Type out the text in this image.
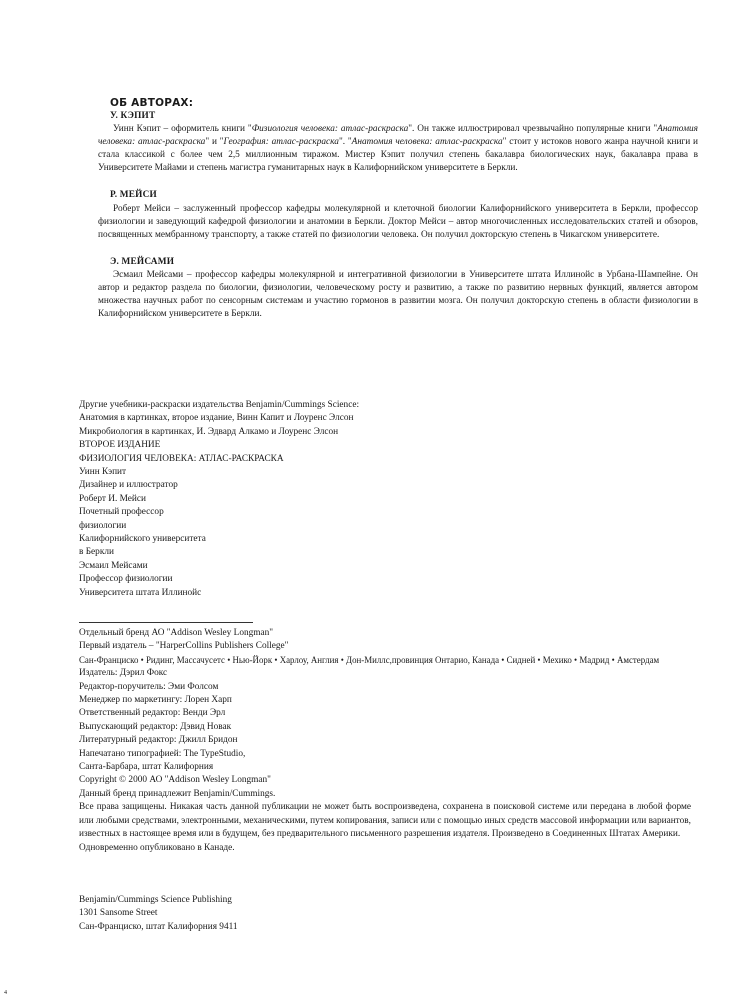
ОБ АВТОРАХ:
У. КЭПИТ

Уинн Кэпит – оформитель книги "Физиология человека: атлас-раскраска". Он также иллюстрировал чрезвычайно популярные книги "Анатомия человека: атлас-раскраска" и "География: атлас-раскраска". "Анатомия человека: атлас-раскраска" стоит у истоков нового жанра научной книги и стала классикой с более чем 2,5 миллионным тиражом. Мистер Кэпит получил степень бакалавра биологических наук, бакалавра права в Университете Майами и степень магистра гуманитарных наук в Калифорнийском университете в Беркли.

Р. МЕЙСИ

Роберт Мейси – заслуженный профессор кафедры молекулярной и клеточной биологии Калифорнийского университета в Беркли, профессор физиологии и заведующий кафедрой физиологии и анатомии в Беркли. Доктор Мейси – автор многочисленных исследовательских статей и обзоров, посвященных мембранному транспорту, а также статей по физиологии человека. Он получил докторскую степень в Чикагском университете.

Э. МЕЙСАМИ

Эсмаил Мейсами – профессор кафедры молекулярной и интегративной физиологии в Университете штата Иллинойс в Урбана-Шампейне. Он автор и редактор раздела по биологии, физиологии, человеческому росту и развитию, а также по развитию нервных функций, является автором множества научных работ по сенсорным системам и участию гормонов в развитии мозга. Он получил докторскую степень в области физиологии в Калифорнийском университете в Беркли.

Другие учебники-раскраски издательства Benjamin/Cummings Science:
Анатомия в картинках, второе издание, Винн Капит и Лоуренс Элсон
Микробиология в картинках, И. Эдвард Алкамо и Лоуренс Элсон
ВТОРОЕ ИЗДАНИЕ
ФИЗИОЛОГИЯ ЧЕЛОВЕКА: АТЛАС-РАСКРАСКА
Уинн Кэпит
Дизайнер и иллюстратор
Роберт И. Мейси
Почетный профессор
физиологии
Калифорнийского университета
в Беркли
Эсмаил Мейсами
Профессор физиологии
Университета штата Иллинойс
Отдельный бренд АО "Addison Wesley Longman"
Первый издатель – "HarperCollins Publishers College"
Сан-Франциско • Ридинг, Массачусетс • Нью-Йорк • Харлоу, Англия • Дон-Миллс,провинция Онтарио, Канада • Сидней • Мехико • Мадрид • Амстердам
Издатель: Дэрил Фокс
Редактор-поручитель: Эми Фолсом
Менеджер по маркетингу: Лорен Харп
Ответственный редактор: Венди Эрл
Выпускающий редактор: Дэвид Новак
Литературный редактор: Джилл Бридон
Напечатано типографией: The TypeStudio,
Санта-Барбара, штат Калифорния
Copyright © 2000 АО "Addison Wesley Longman"
Данный бренд принадлежит Benjamin/Cummings.
Все права защищены. Никакая часть данной публикации не может быть воспроизведена, сохранена в поисковой системе или передана в любой форме или любыми средствами, электронными, механическими, путем копирования, записи или с помощью иных средств массовой информации или вариантов, известных в настоящее время или в будущем, без предварительного письменного разрешения издателя. Произведено в Соединенных Штатах Америки.
Одновременно опубликовано в Канаде.
Benjamin/Cummings Science Publishing
1301 Sansome Street
Сан-Франциско, штат Калифорния 9411
4
